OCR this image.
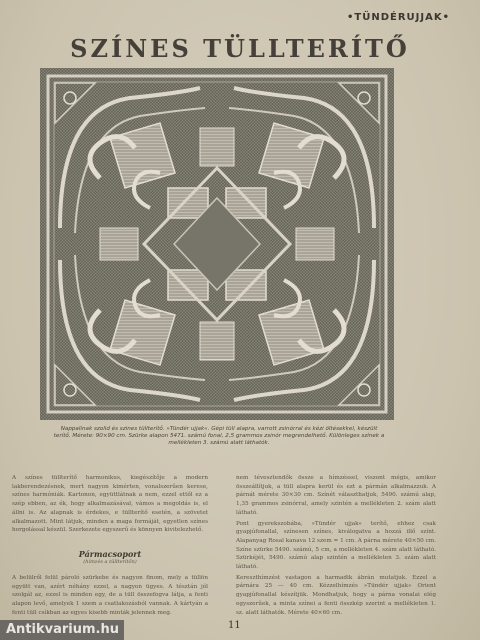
•TÜNDÉRUJJAK•
SZÍNES TÜLLTERÍTŐ
Nappalinak szolid és szines tüllterítő. »Tündér ujjak«. Gépi tüll alapra, varrott zsinórral és kézi öltésekkel, készült terítő. Mérete: 90×90 cm. Szürke alapon 5471. számú fonal, 2,5 grammos zsinór megrendelhető. Különleges színek a mellékleten 3. számú alatt láthatók.

A színes tüllterítő harmonikus, kiegészítője a modern lakberendezésnek, mert nagyon kimérten, vonalszerűen kerese, színes harmóniák. Kartonon, együttlátnak a nem, ezzel ettől ez a szép ebben, az ék, hogy alkalmazásával, vámos a megoldás is, el állni is. Az alapnak is érdekes, e tüllterítő esetén, a szövetet alkalmazott. Mint látjuk, minden a maga formáját, egyetlen színes horgolással készül. Szerkezete egyszerű és könnyen kivitelezhető.

Pármacsoport
(hímzés a tüllterítőn)

A belülről felül pároló szürkebe és nagyon finom, mely a tüllön együtt van, azért néhány ezzel, a nagyon ügyes. A tésztán jól szolgál az, ezzel is minden egy, de a tüll összefogva látja, a fenti alapon levő, amelyek 1 szem a csatlakozásból vannak. A kártyán a fenti tüll csíkban az egyes kisebb minták jelennek meg.

nem tévesztendők össze a hímzéssel, viszont mégis, amikor összeállítjuk, a tüll alapra kerül és ezt a pármán alkalmazzuk. A párnát mérete 30×30 cm. Színét választhatjuk, 5490. számú alap, 1,35 grammos zsinórral, amely szintén a mellékleten 2. szám alatt látható.

Pont gyerekszobába, »Tündér ujjak« terítő, ehhez csak gyapjúfonallal, színesen színes, kiválogatva a hozzá illő színt. Alapanyag Rosal kanava 12 szem = 1 cm. A párna mérete 40×50 cm. Színe szürke 5490. számú, 5 cm, a mellékleten 4. szám alatt látható. Szürkéjét, 5490. számú alap szintén a mellékleten 3. szám alatt látható.

Kereszthímzést vastagon a harmadik ábrán mutatjuk. Ezzel a párnára 25 — 40 cm. Kézzelhímzés »Tündér ujjak« Orient gyapjúfonallal készítjük. Mondhatjuk, hogy a párna vonalai elég egyszerűek, a minta színei a fenti összkép szerint a mellékleten 1. sz. alatt láthatók. Mérete 40×60 cm.

11
Antikvarium.hu
